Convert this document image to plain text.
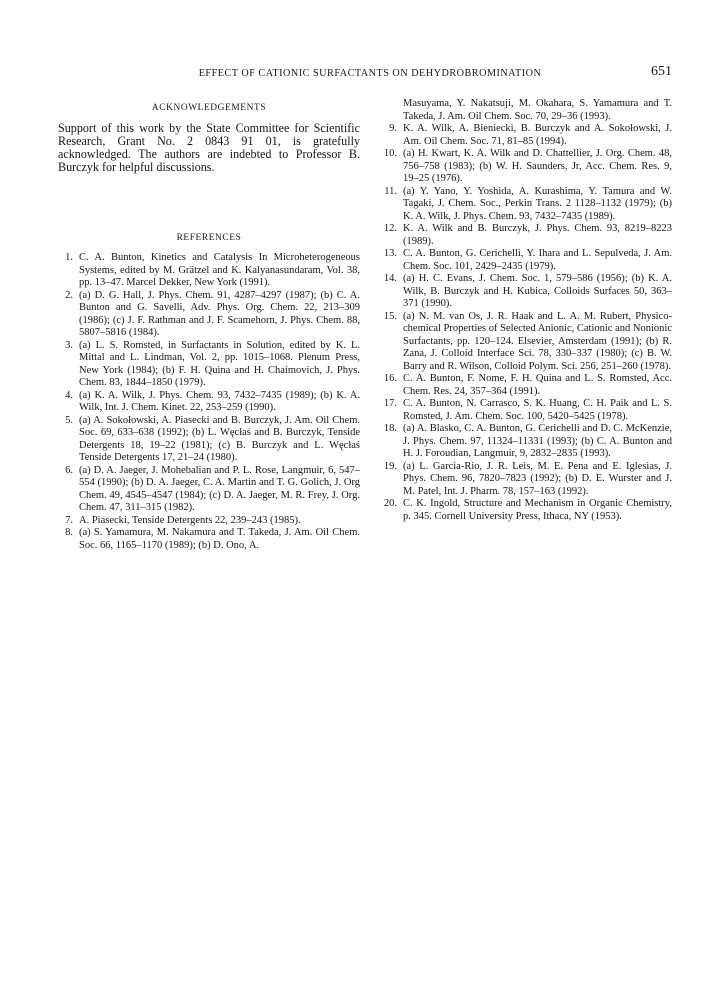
EFFECT OF CATIONIC SURFACTANTS ON DEHYDROBROMINATION	651
ACKNOWLEDGEMENTS

Support of this work by the State Committee for Scientific Research, Grant No. 2 0843 91 01, is gratefully acknowledged. The authors are indebted to Professor B. Burczyk for helpful discussions.

REFERENCES
1. C. A. Bunton, Kinetics and Catalysis In Microheterogeneous Systems, edited by M. Grätzel and K. Kalyanasundaram, Vol. 38, pp. 13–47. Marcel Dekker, New York (1991).
2. (a) D. G. Hall, J. Phys. Chem. 91, 4287–4297 (1987); (b) C. A. Bunton and G. Savelli, Adv. Phys. Org. Chem. 22, 213–309 (1986); (c) J. F. Rathman and J. F. Scamehorn, J. Phys. Chem. 88, 5807–5816 (1984).
3. (a) L. S. Romsted, in Surfactants in Solution, edited by K. L. Mittal and L. Lindman, Vol. 2, pp. 1015–1068. Plenum Press, New York (1984); (b) F. H. Quina and H. Chaimovich, J. Phys. Chem. 83, 1844–1850 (1979).
4. (a) K. A. Wilk, J. Phys. Chem. 93, 7432–7435 (1989); (b) K. A. Wilk, Int. J. Chem. Kinet. 22, 253–259 (1990).
5. (a) A. Sokołowski, A. Piasecki and B. Burczyk, J. Am. Oil Chem. Soc. 69, 633–638 (1992); (b) L. Węcłaś and B. Burczyk, Tenside Detergents 18, 19–22 (1981); (c) B. Burczyk and L. Węcłaś Tenside Detergents 17, 21–24 (1980).
6. (a) D. A. Jaeger, J. Mohebalian and P. L. Rose, Langmuir, 6, 547–554 (1990); (b) D. A. Jaeger, C. A. Martin and T. G. Golich, J. Org Chem. 49, 4545–4547 (1984); (c) D. A. Jaeger, M. R. Frey, J. Org. Chem. 47, 311–315 (1982).
7. A. Piasecki, Tenside Detergents 22, 239–243 (1985).
8. (a) S. Yamamura, M. Nakamura and T. Takeda, J. Am. Oil Chem. Soc. 66, 1165–1170 (1989); (b) D. Ono, A.
Masuyama, Y. Nakatsuji, M. Okahara, S. Yamamura and T. Takeda, J. Am. Oil Chem. Soc. 70, 29–36 (1993).
9. K. A. Wilk, A. Bieniecki, B. Burczyk and A. Sokołowski, J. Am. Oil Chem. Soc. 71, 81–85 (1994).
10. (a) H. Kwart, K. A. Wilk and D. Chattellier, J. Org. Chem. 48, 756–758 (1983); (b) W. H. Saunders, Jr, Acc. Chem. Res. 9, 19–25 (1976).
11. (a) Y. Yano, Y. Yoshida, A. Kurashima, Y. Tamura and W. Tagaki, J. Chem. Soc., Perkin Trans. 2 1128–1132 (1979); (b) K. A. Wilk, J. Phys. Chem. 93, 7432–7435 (1989).
12. K. A. Wilk and B. Burczyk, J. Phys. Chem. 93, 8219–8223 (1989).
13. C. A. Bunton, G. Cerichelli, Y. Ihara and L. Sepulveda, J. Am. Chem. Soc. 101, 2429–2435 (1979).
14. (a) H. C. Evans, J. Chem. Soc. 1, 579–586 (1956); (b) K. A. Wilk, B. Burczyk and H. Kubica, Colloids Surfaces 50, 363–371 (1990).
15. (a) N. M. van Os, J. R. Haak and L. A. M. Rubert, Physico-chemical Properties of Selected Anionic, Cationic and Nonionic Surfactants, pp. 120–124. Elsevier, Amsterdam (1991); (b) R. Zana, J. Colloid Interface Sci. 78, 330–337 (1980); (c) B. W. Barry and R. Wilson, Colloid Polym. Sci. 256, 251–260 (1978).
16. C. A. Bunton, F. Nome, F. H. Quina and L. S. Romsted, Acc. Chem. Res. 24, 357–364 (1991).
17. C. A. Bunton, N. Carrasco, S. K. Huang, C. H. Paik and L. S. Romsted, J. Am. Chem. Soc. 100, 5420–5425 (1978).
18. (a) A. Blasko, C. A. Bunton, G. Cerichelli and D. C. McKenzie, J. Phys. Chem. 97, 11324–11331 (1993); (b) C. A. Bunton and H. J. Foroudian, Langmuir, 9, 2832–2835 (1993).
19. (a) L. Garcia-Rio, J. R. Leis, M. E. Pena and E. Iglesias, J. Phys. Chem. 96, 7820–7823 (1992); (b) D. E. Wurster and J. M. Patel, Int. J. Pharm. 78, 157–163 (1992).
20. C. K. Ingold, Structure and Mechanism in Organic Chemistry, p. 345. Cornell University Press, Ithaca, NY (1953).
